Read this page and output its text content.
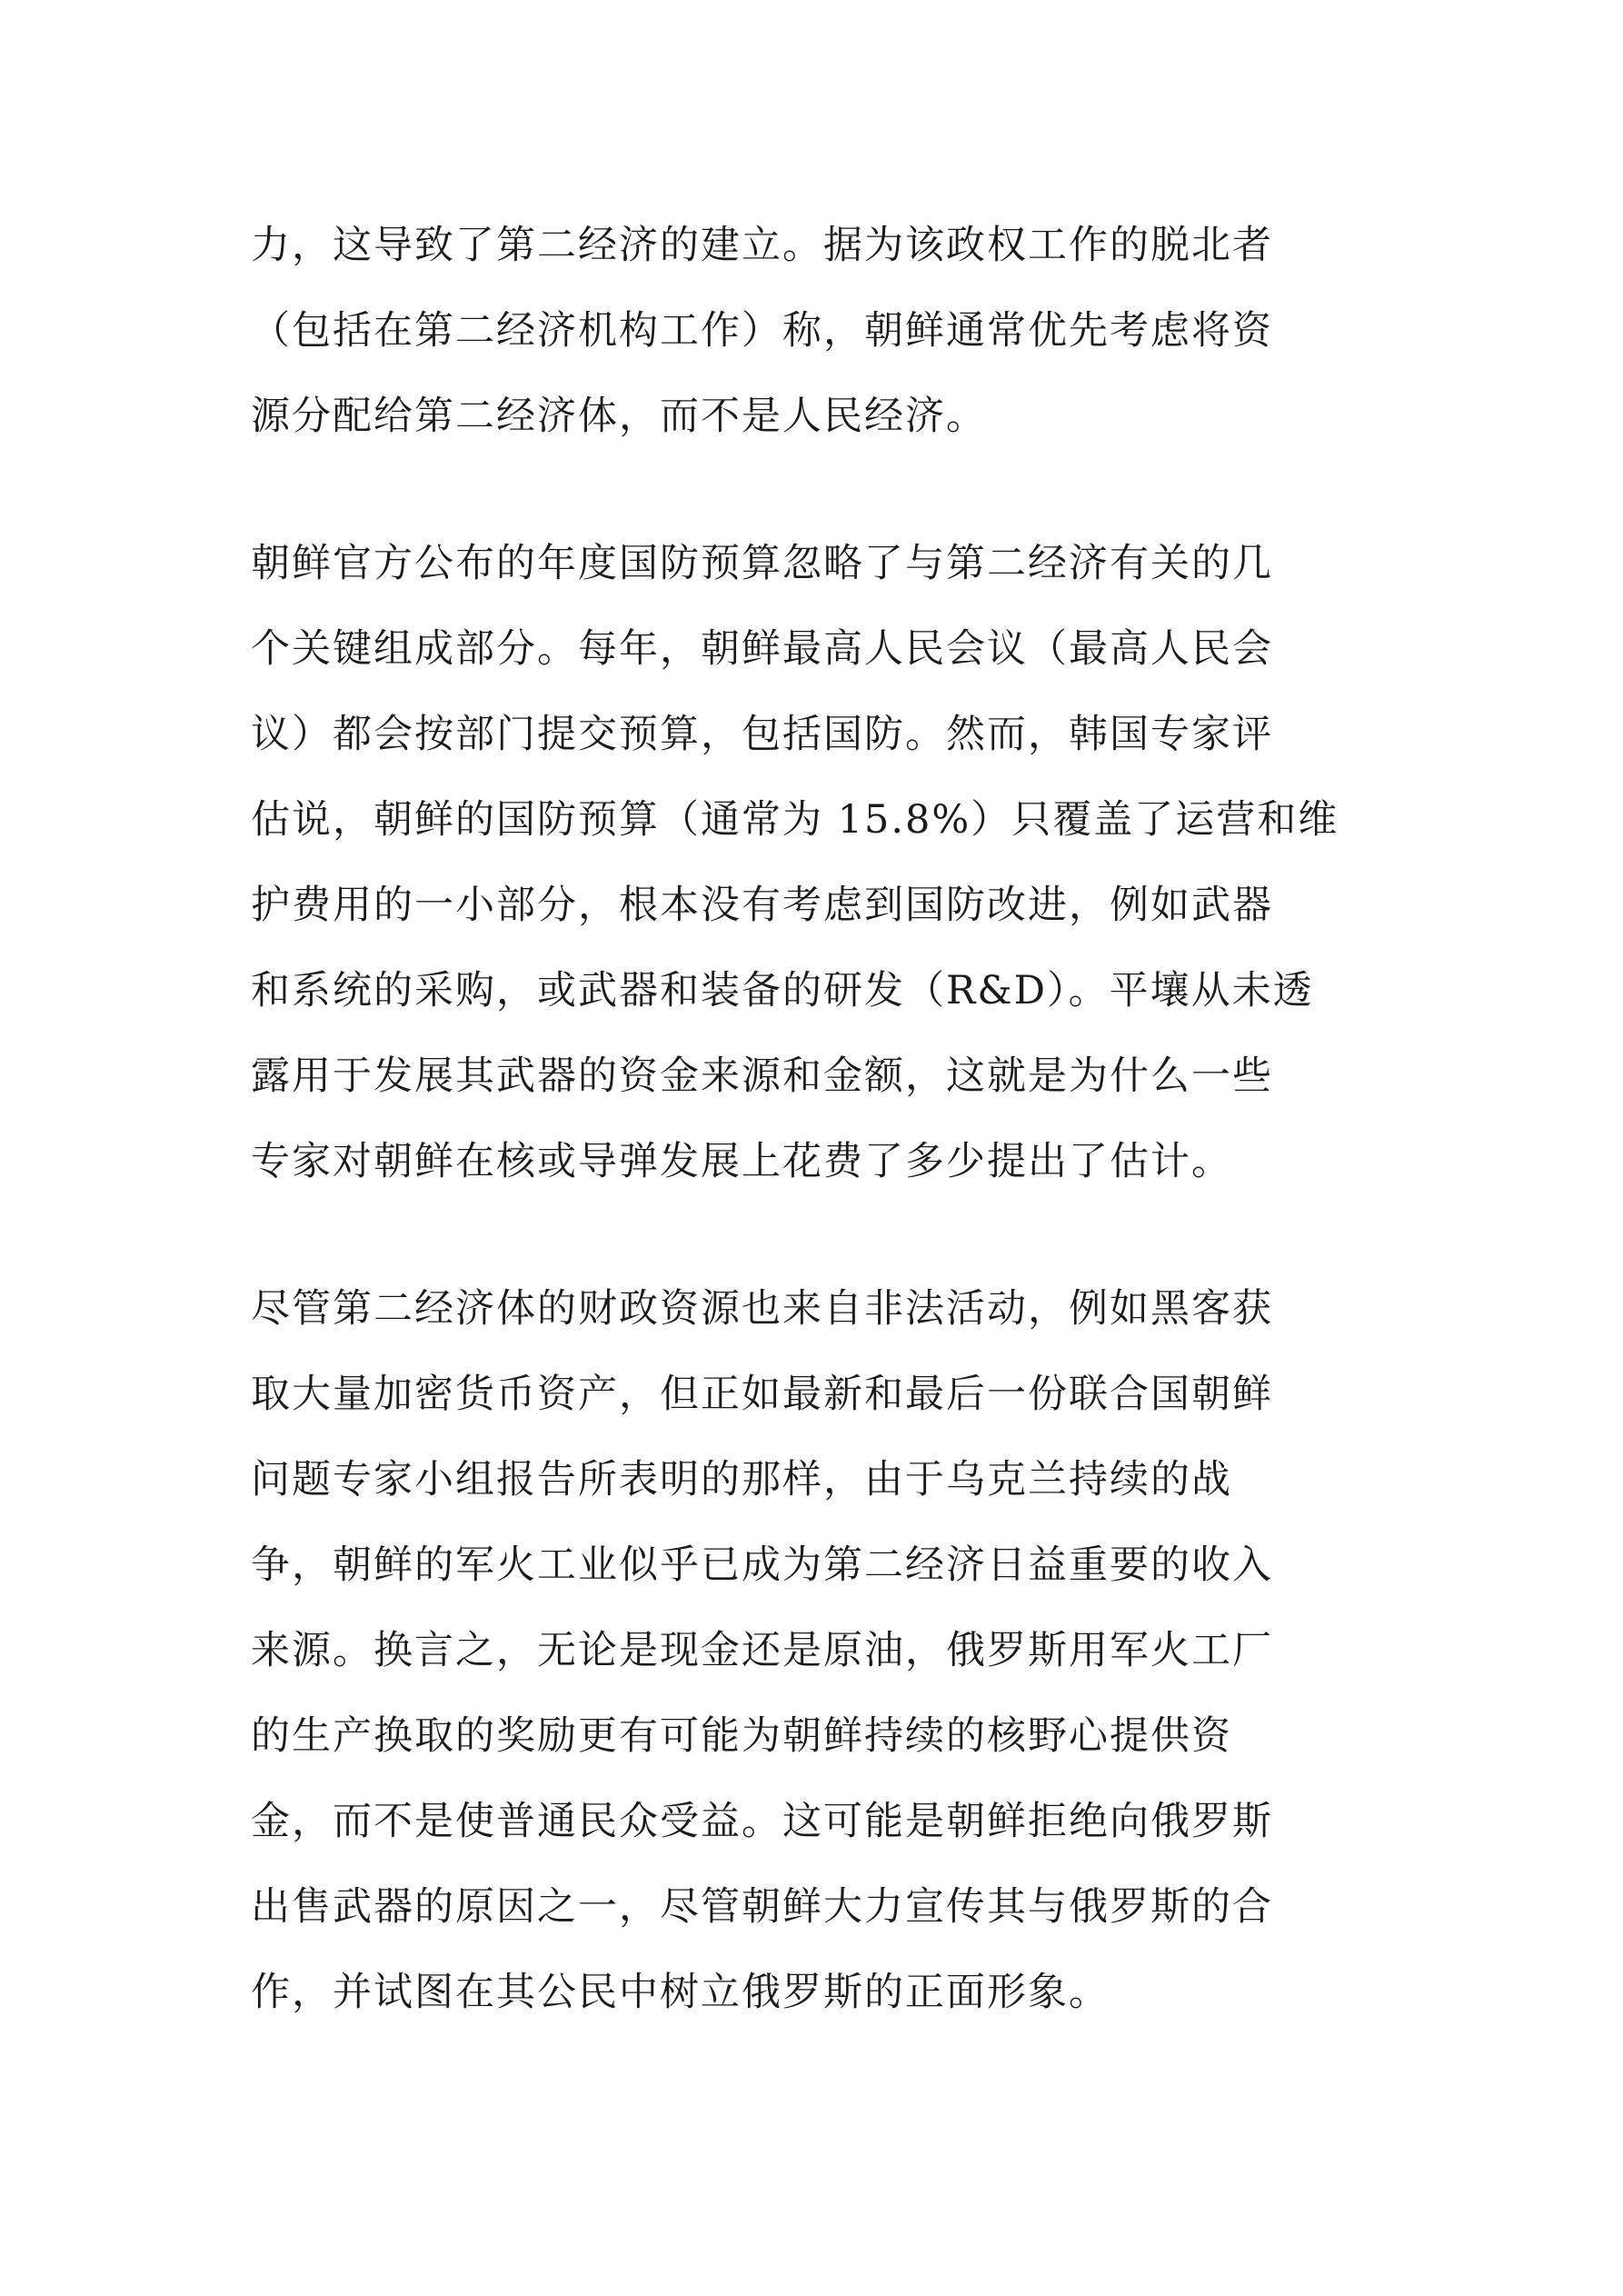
力，这导致了第二经济的建立。据为该政权工作的脱北者
（包括在第二经济机构工作）称，朝鲜通常优先考虑将资
源分配给第二经济体，而不是人民经济。
朝鲜官方公布的年度国防预算忽略了与第二经济有关的几
个关键组成部分。每年，朝鲜最高人民会议（最高人民会
议）都会按部门提交预算，包括国防。然而，韩国专家评
估说，朝鲜的国防预算（通常为 15.8%）只覆盖了运营和维
护费用的一小部分，根本没有考虑到国防改进，例如武器
和系统的采购，或武器和装备的研发（R&D）。平壤从未透
露用于发展其武器的资金来源和金额，这就是为什么一些
专家对朝鲜在核或导弹发展上花费了多少提出了估计。
尽管第二经济体的财政资源也来自非法活动，例如黑客获
取大量加密货币资产，但正如最新和最后一份联合国朝鲜
问题专家小组报告所表明的那样，由于乌克兰持续的战
争，朝鲜的军火工业似乎已成为第二经济日益重要的收入
来源。换言之，无论是现金还是原油，俄罗斯用军火工厂
的生产换取的奖励更有可能为朝鲜持续的核野心提供资
金，而不是使普通民众受益。这可能是朝鲜拒绝向俄罗斯
出售武器的原因之一，尽管朝鲜大力宣传其与俄罗斯的合
作，并试图在其公民中树立俄罗斯的正面形象。
